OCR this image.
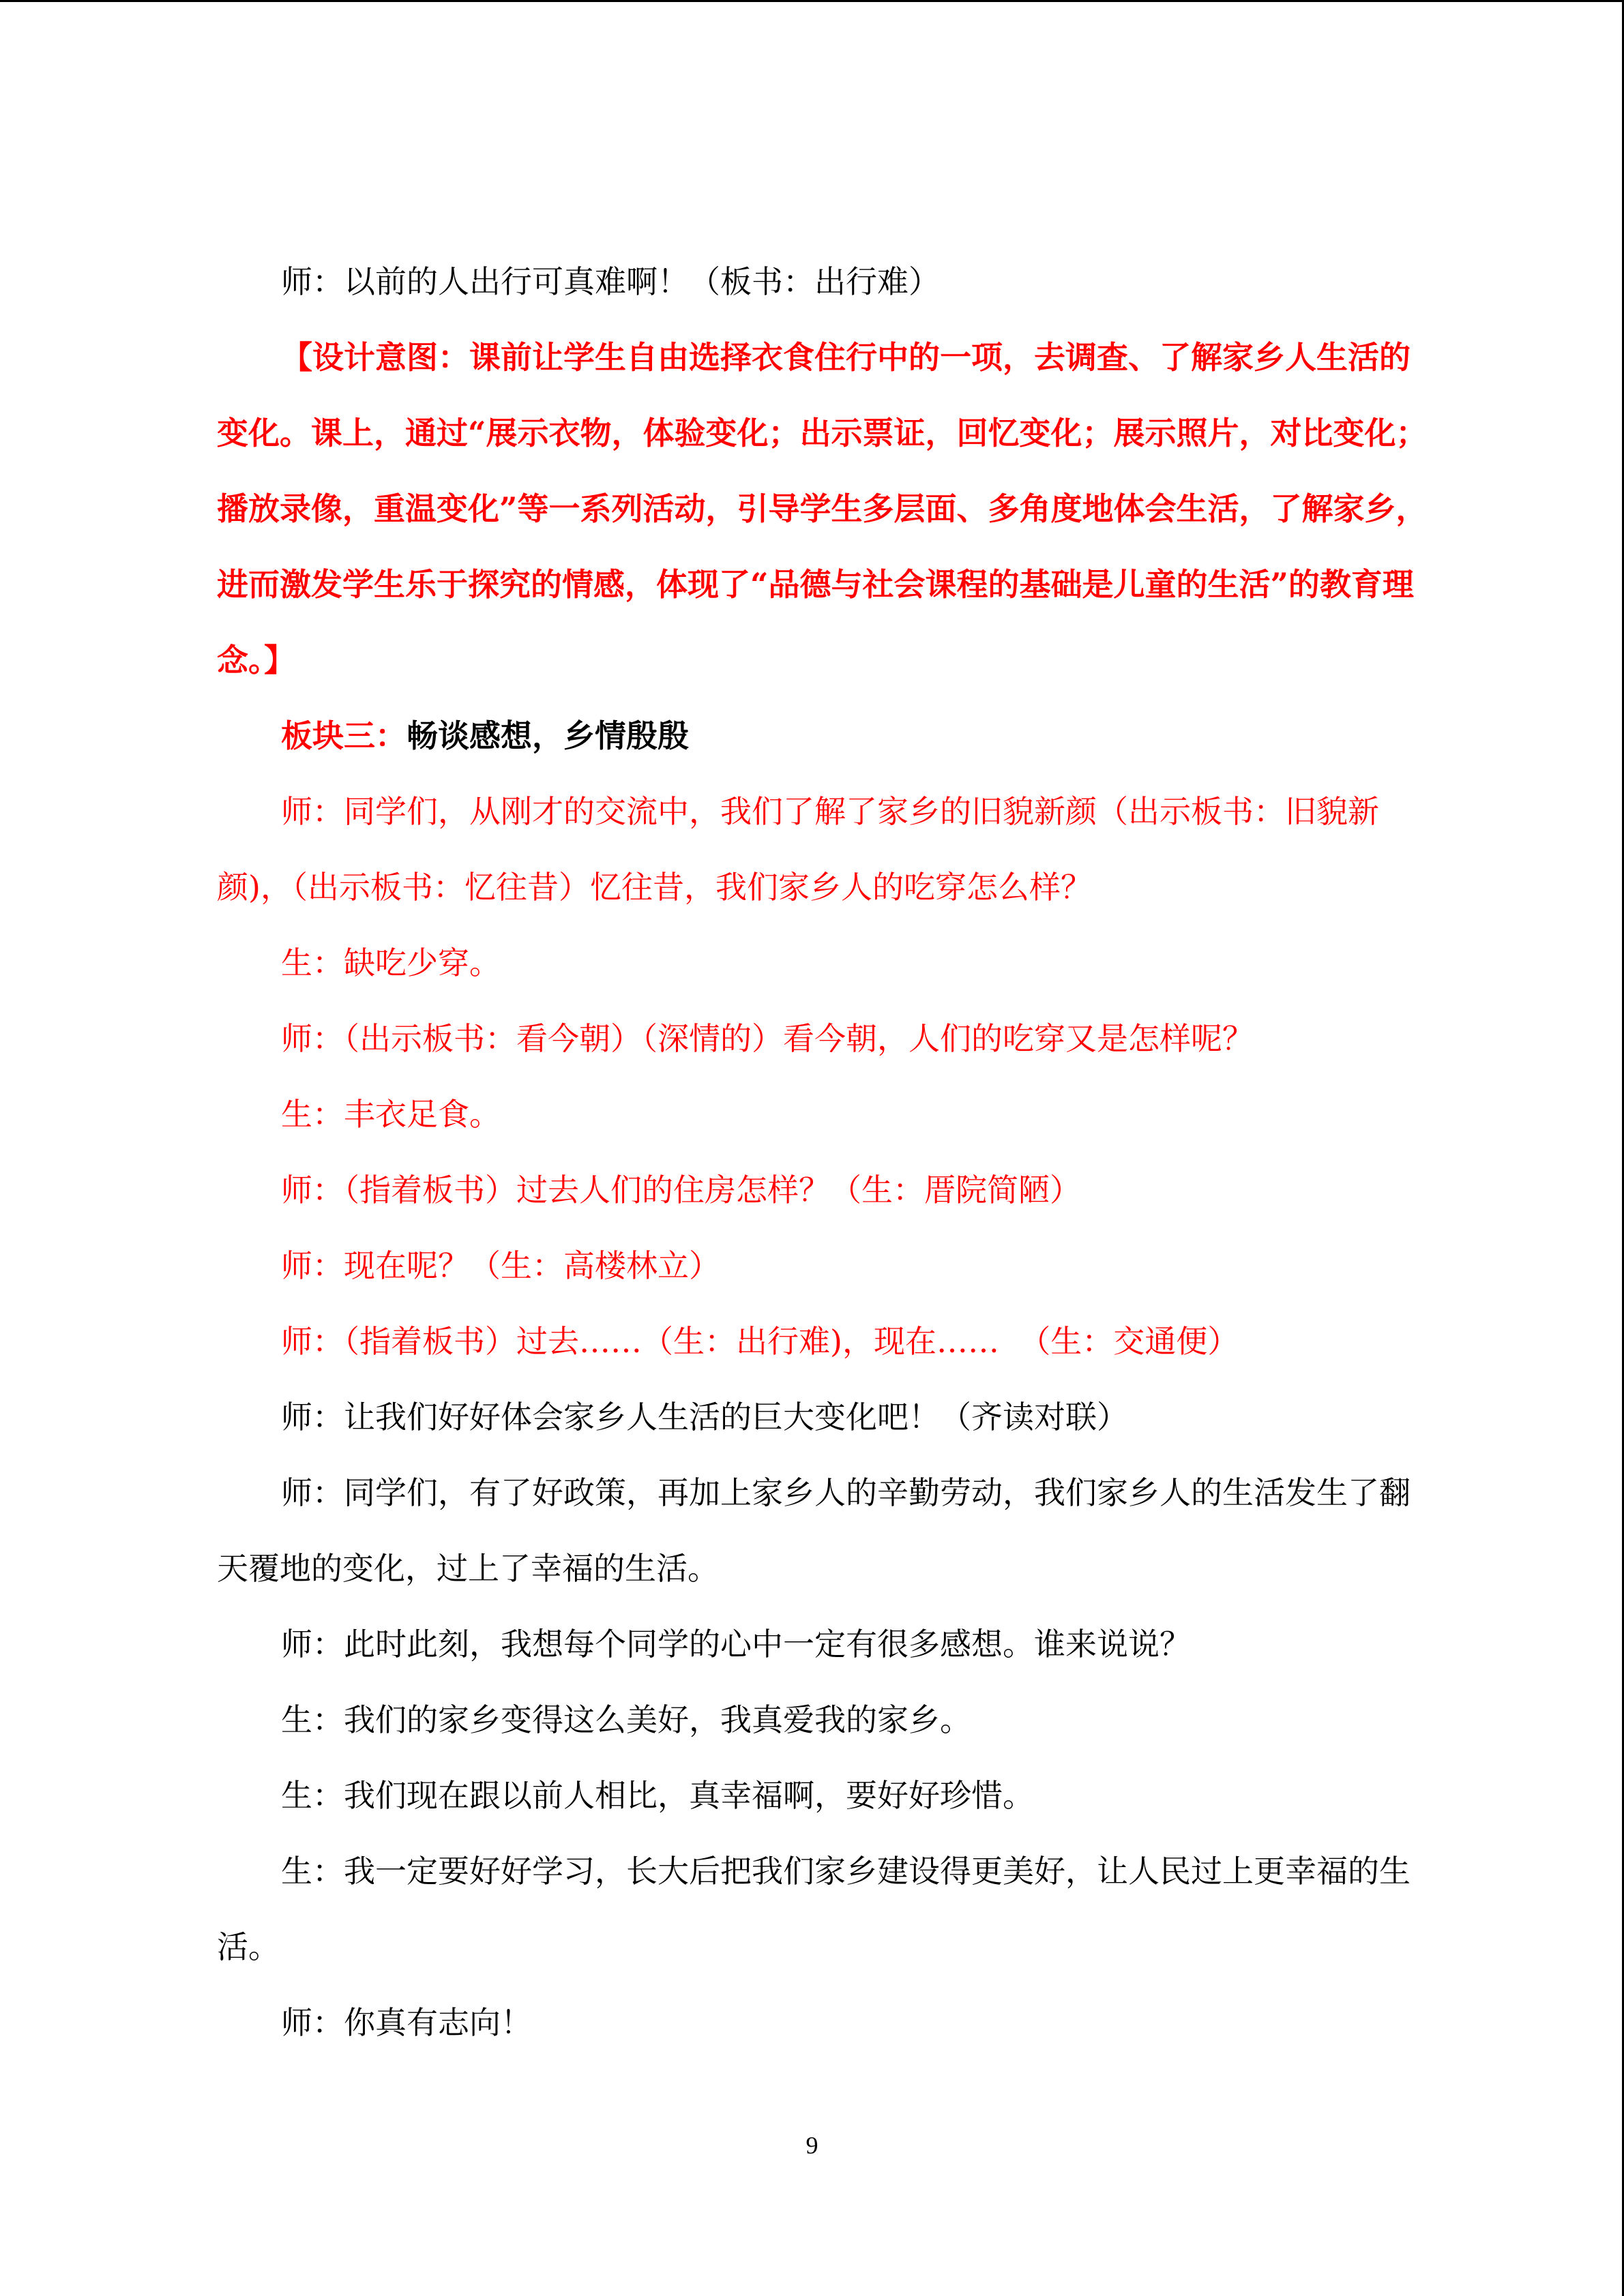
师：以前的人出行可真难啊！（板书：出行难）

【设计意图：课前让学生自由选择衣食住行中的一项，去调查、了解家乡人生活的变化。课上，通过“展示衣物，体验变化；出示票证，回忆变化；展示照片，对比变化；播放录像，重温变化”等一系列活动，引导学生多层面、多角度地体会生活，了解家乡，进而激发学生乐于探究的情感，体现了“品德与社会课程的基础是儿童的生活”的教育理念。】

板块三：畅谈感想，乡情殷殷

师：同学们，从刚才的交流中，我们了解了家乡的旧貌新颜（出示板书：旧貌新颜)，（出示板书：忆往昔）忆往昔，我们家乡人的吃穿怎么样？

生：缺吃少穿。

师：（出示板书：看今朝）（深情的）看今朝，人们的吃穿又是怎样呢？

生：丰衣足食。

师：（指着板书）过去人们的住房怎样？（生：厝院简陋）

师：现在呢？（生：高楼林立）

师：（指着板书）过去……（生：出行难)，现在……  （生：交通便）

师：让我们好好体会家乡人生活的巨大变化吧！（齐读对联）

师：同学们，有了好政策，再加上家乡人的辛勤劳动，我们家乡人的生活发生了翻天覆地的变化，过上了幸福的生活。

师：此时此刻，我想每个同学的心中一定有很多感想。谁来说说？

生：我们的家乡变得这么美好，我真爱我的家乡。

生：我们现在跟以前人相比，真幸福啊，要好好珍惜。

生：我一定要好好学习，长大后把我们家乡建设得更美好，让人民过上更幸福的生活。

师：你真有志向！

9
